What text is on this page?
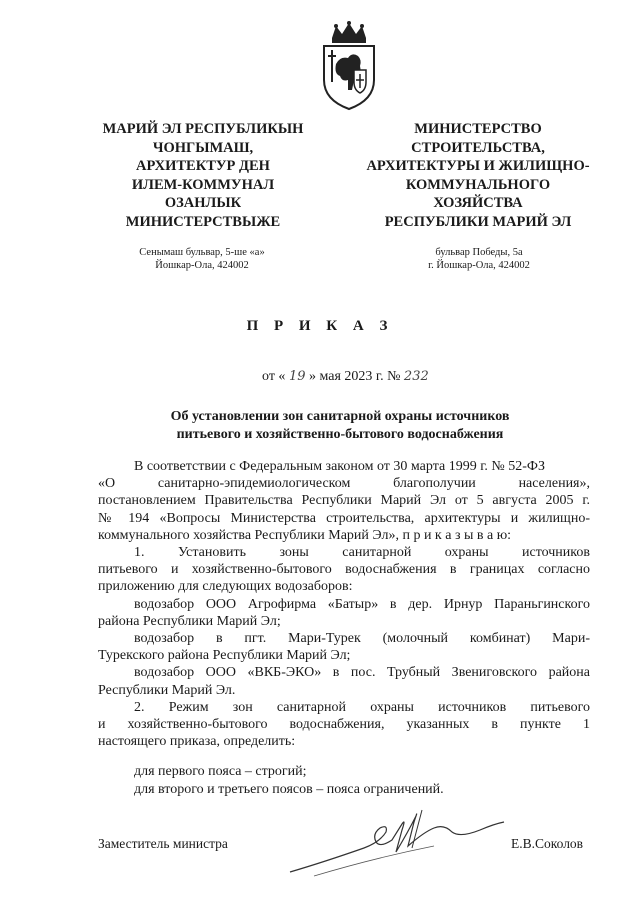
МАРИЙ ЭЛ РЕСПУБЛИКЫН
ЧОНГЫМАШ,
АРХИТЕКТУР ДЕН
ИЛЕМ-КОММУНАЛ
ОЗАНЛЫК
МИНИСТЕРСТВЫЖЕ
МИНИСТЕРСТВО
СТРОИТЕЛЬСТВА,
АРХИТЕКТУРЫ И ЖИЛИЩНО-
КОММУНАЛЬНОГО
ХОЗЯЙСТВА
РЕСПУБЛИКИ МАРИЙ ЭЛ
Сенымаш бульвар, 5-ше «а»
Йошкар-Ола, 424002
бульвар Победы, 5а
г. Йошкар-Ола, 424002
П Р И К А З
от « 19 » мая 2023 г. № 232
Об установлении зон санитарной охраны источников
питьевого и хозяйственно-бытового водоснабжения
В соответствии с Федеральным законом от 30 марта 1999 г. № 52-ФЗ
«О санитарно-эпидемиологическом благополучии населения»,
постановлением Правительства Республики Марий Эл от 5 августа 2005 г.
№ 194 «Вопросы Министерства строительства, архитектуры и жилищно-
коммунального хозяйства Республики Марий Эл», п р и к а з ы в а ю:
1. Установить зоны санитарной охраны источников
питьевого и хозяйственно-бытового водоснабжения в границах согласно
приложению для следующих водозаборов:
водозабор ООО Агрофирма «Батыр» в дер. Ирнур Параньгинского
района Республики Марий Эл;
водозабор в пгт. Мари-Турек (молочный комбинат) Мари-
Турекского района Республики Марий Эл;
водозабор ООО «ВКБ-ЭКО» в пос. Трубный Звениговского района
Республики Марий Эл.
2. Режим зон санитарной охраны источников питьевого
и хозяйственно-бытового водоснабжения, указанных в пункте 1
настоящего приказа, определить:
для первого пояса – строгий;
для второго и третьего поясов – пояса ограничений.
Заместитель министра	Е.В.Соколов
